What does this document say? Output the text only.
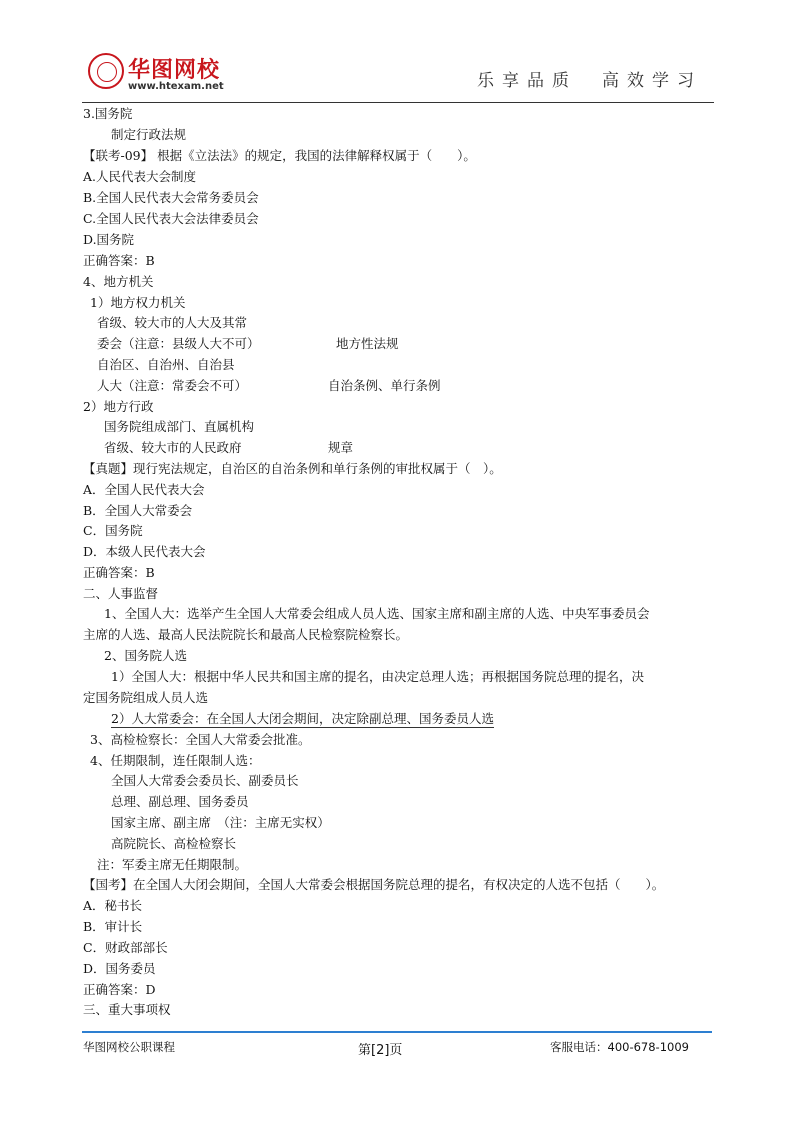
华图网校
www.htexam.net	乐享品质　高效学习
3.国务院
制定行政法规
【联考-09】 根据《立法法》的规定，我国的法律解释权属于（　　）。
A.人民代表大会制度
B.全国人民代表大会常务委员会
C.全国人民代表大会法律委员会
D.国务院
正确答案：B
4、地方机关
1）地方权力机关
省级、较大市的人大及其常
委会（注意：县级人大不可）	地方性法规
自治区、自治州、自治县
人大（注意：常委会不可）	自治条例、单行条例
2）地方行政
国务院组成部门、直属机构
省级、较大市的人民政府	规章
【真题】现行宪法规定，自治区的自治条例和单行条例的审批权属于（　）。
A．全国人民代表大会
B．全国人大常委会
C．国务院
D．本级人民代表大会
正确答案：B
二、人事监督
1、全国人大：选举产生全国人大常委会组成人员人选、国家主席和副主席的人选、中央军事委员会
主席的人选、最高人民法院院长和最高人民检察院检察长。
2、国务院人选
1）全国人大：根据中华人民共和国主席的提名，由决定总理人选；再根据国务院总理的提名，决
定国务院组成人员人选
2）人大常委会：在全国人大闭会期间，决定除副总理、国务委员人选
3、高检检察长：全国人大常委会批准。
4、任期限制，连任限制人选：
全国人大常委会委员长、副委员长
总理、副总理、国务委员
国家主席、副主席　（注：主席无实权）
高院院长、高检检察长
注：军委主席无任期限制。
【国考】在全国人大闭会期间，全国人大常委会根据国务院总理的提名，有权决定的人选不包括（　　）。
A．秘书长
B．审计长
C．财政部部长
D．国务委员
正确答案：D
三、重大事项权
华图网校公职课程	第[2]页	客服电话：400-678-1009
